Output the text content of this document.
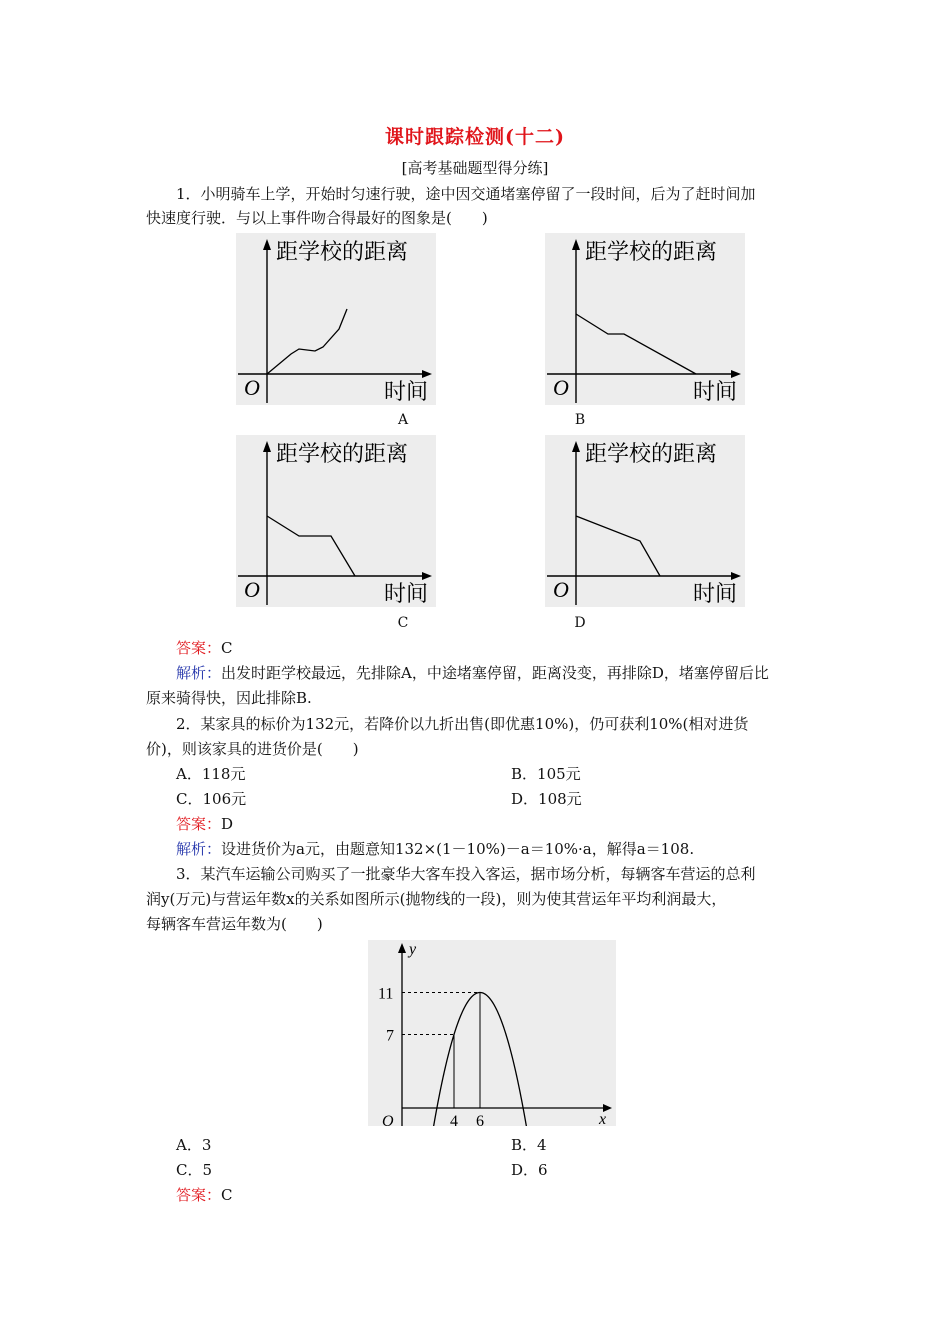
课时跟踪检测(十二)
[高考基础题型得分练]
1．小明骑车上学，开始时匀速行驶，途中因交通堵塞停留了一段时间，后为了赶时间加
快速度行驶．与以上事件吻合得最好的图象是(　　)
距学校的距离
时间
O
距学校的距离
时间
O
距学校的距离
时间
O
距学校的距离
时间
O
A	B
C	D
答案：C
解析：出发时距学校最远，先排除A，中途堵塞停留，距离没变，再排除D，堵塞停留后比
原来骑得快，因此排除B.
2．某家具的标价为132元，若降价以九折出售(即优惠10%)，仍可获利10%(相对进货
价)，则该家具的进货价是(　　)
A．118元	B．105元
C．106元	D．108元
答案：D
解析：设进货价为a元，由题意知132×(1－10%)－a＝10%·a，解得a＝108.
3．某汽车运输公司购买了一批豪华大客车投入客运，据市场分析，每辆客车营运的总利
润y(万元)与营运年数x的关系如图所示(抛物线的一段)，则为使其营运年平均利润最大，
每辆客车营运年数为(　　)
y
x
O
11
7
4 6
A．3	B．4
C．5	D．6
答案：C
